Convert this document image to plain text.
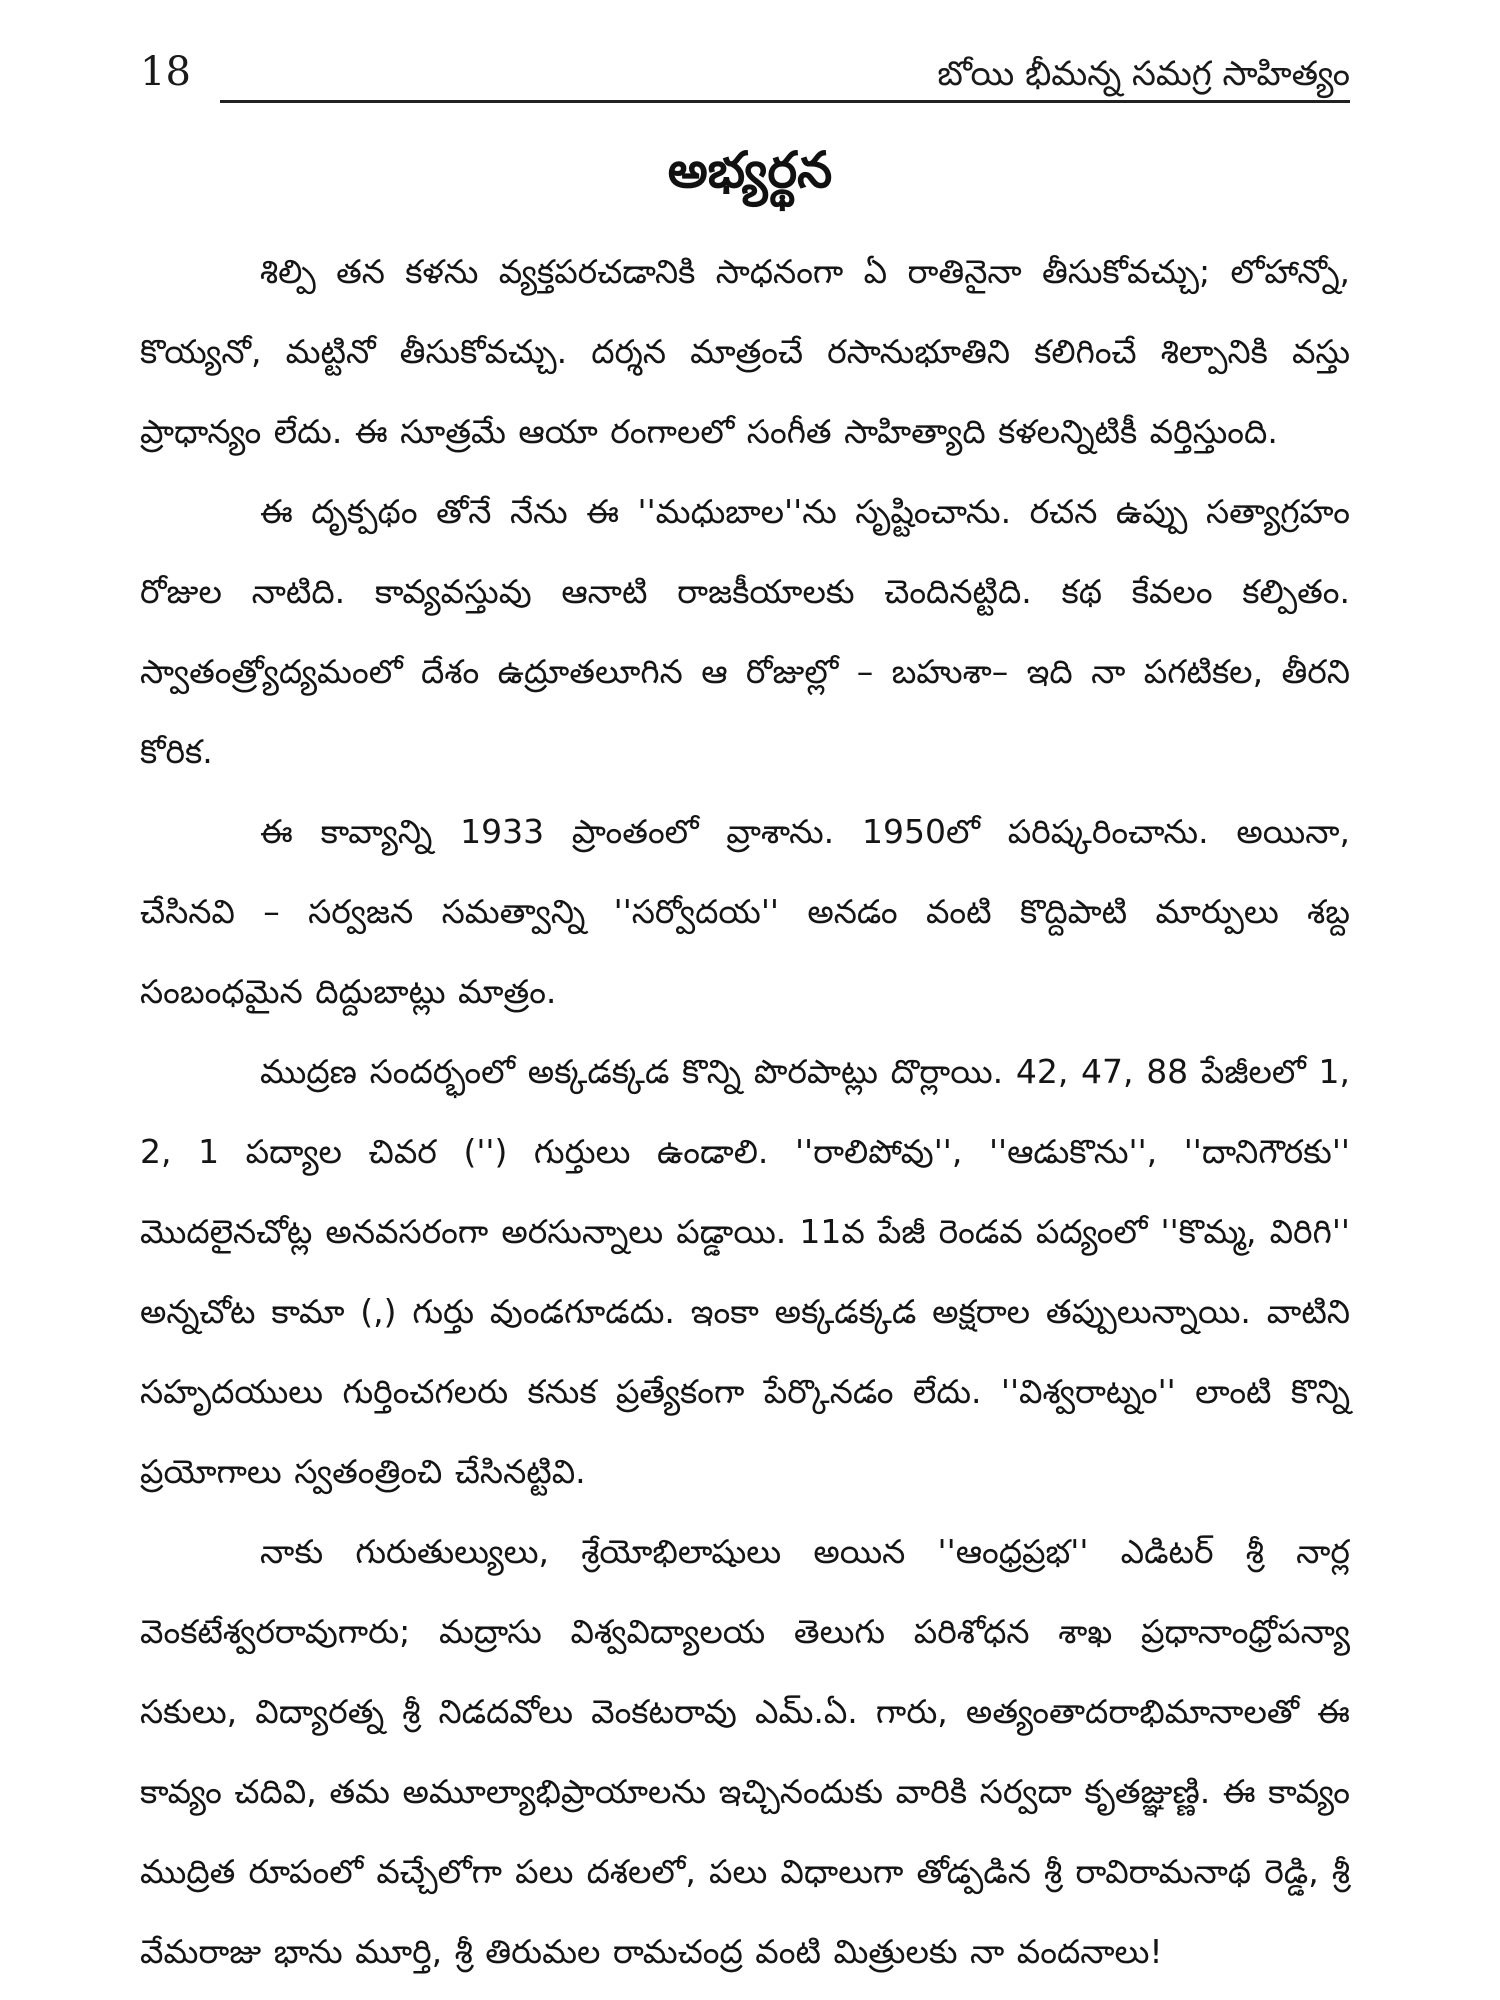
18	బోయి భీమన్న సమగ్ర సాహిత్యం
అభ్యర్థన

శిల్పి తన కళను వ్యక్తపరచడానికి సాధనంగా ఏ రాతినైనా తీసుకోవచ్చు; లోహాన్నో, కొయ్యనో, మట్టినో తీసుకోవచ్చు. దర్శన మాత్రంచే రసానుభూతిని కలిగించే శిల్పానికి వస్తు ప్రాధాన్యం లేదు. ఈ సూత్రమే ఆయా రంగాలలో సంగీత సాహిత్యాది కళలన్నిటికీ వర్తిస్తుంది.

ఈ దృక్పథం తోనే నేను ఈ ''మధుబాల''ను సృష్టించాను. రచన ఉప్పు సత్యాగ్రహం రోజుల నాటిది. కావ్యవస్తువు ఆనాటి రాజకీయాలకు చెందినట్టిది. కథ కేవలం కల్పితం. స్వాతంత్ర్యోద్యమంలో దేశం ఉద్రూతలూగిన ఆ రోజుల్లో – బహుశా– ఇది నా పగటికల, తీరని కోరిక.

ఈ కావ్యాన్ని 1933 ప్రాంతంలో వ్రాశాను. 1950లో పరిష్కరించాను. అయినా, చేసినవి – సర్వజన సమత్వాన్ని ''సర్వోదయ'' అనడం వంటి కొద్దిపాటి మార్పులు శబ్ద సంబంధమైన దిద్దుబాట్లు మాత్రం.

ముద్రణ సందర్భంలో అక్కడక్కడ కొన్ని పొరపాట్లు దొర్లాయి. 42, 47, 88 పేజీలలో 1, 2, 1 పద్యాల చివర ('') గుర్తులు ఉండాలి. ''రాలిపోవు'', ''ఆడుకొను'', ''దానిగౌరకు'' మొదలైనచోట్ల అనవసరంగా అరసున్నాలు పడ్డాయి. 11వ పేజీ రెండవ పద్యంలో ''కొమ్మ, విరిగి'' అన్నచోట కామా (,) గుర్తు వుండగూడదు. ఇంకా అక్కడక్కడ అక్షరాల తప్పులున్నాయి. వాటిని సహృదయులు గుర్తించగలరు కనుక ప్రత్యేకంగా పేర్కొనడం లేదు. ''విశ్వరాట్నం'' లాంటి కొన్ని ప్రయోగాలు స్వతంత్రించి చేసినట్టివి.

నాకు గురుతుల్యులు, శ్రేయోభిలాషులు అయిన ''ఆంధ్రప్రభ'' ఎడిటర్ శ్రీ నార్ల వెంకటేశ్వరరావుగారు; మద్రాసు విశ్వవిద్యాలయ తెలుగు పరిశోధన శాఖ ప్రధానాంధ్రోపన్యా సకులు, విద్యారత్న శ్రీ నిడదవోలు వెంకటరావు ఎమ్.ఏ. గారు, అత్యంతాదరాభిమానాలతో ఈ కావ్యం చదివి, తమ అమూల్యాభిప్రాయాలను ఇచ్చినందుకు వారికి సర్వదా కృతజ్ఞుణ్ణి. ఈ కావ్యం ముద్రిత రూపంలో వచ్చేలోగా పలు దశలలో, పలు విధాలుగా తోడ్పడిన శ్రీ రావిరామనాథ రెడ్డి, శ్రీ వేమరాజు భాను మూర్తి, శ్రీ తిరుమల రామచంద్ర వంటి మిత్రులకు నా వందనాలు!
